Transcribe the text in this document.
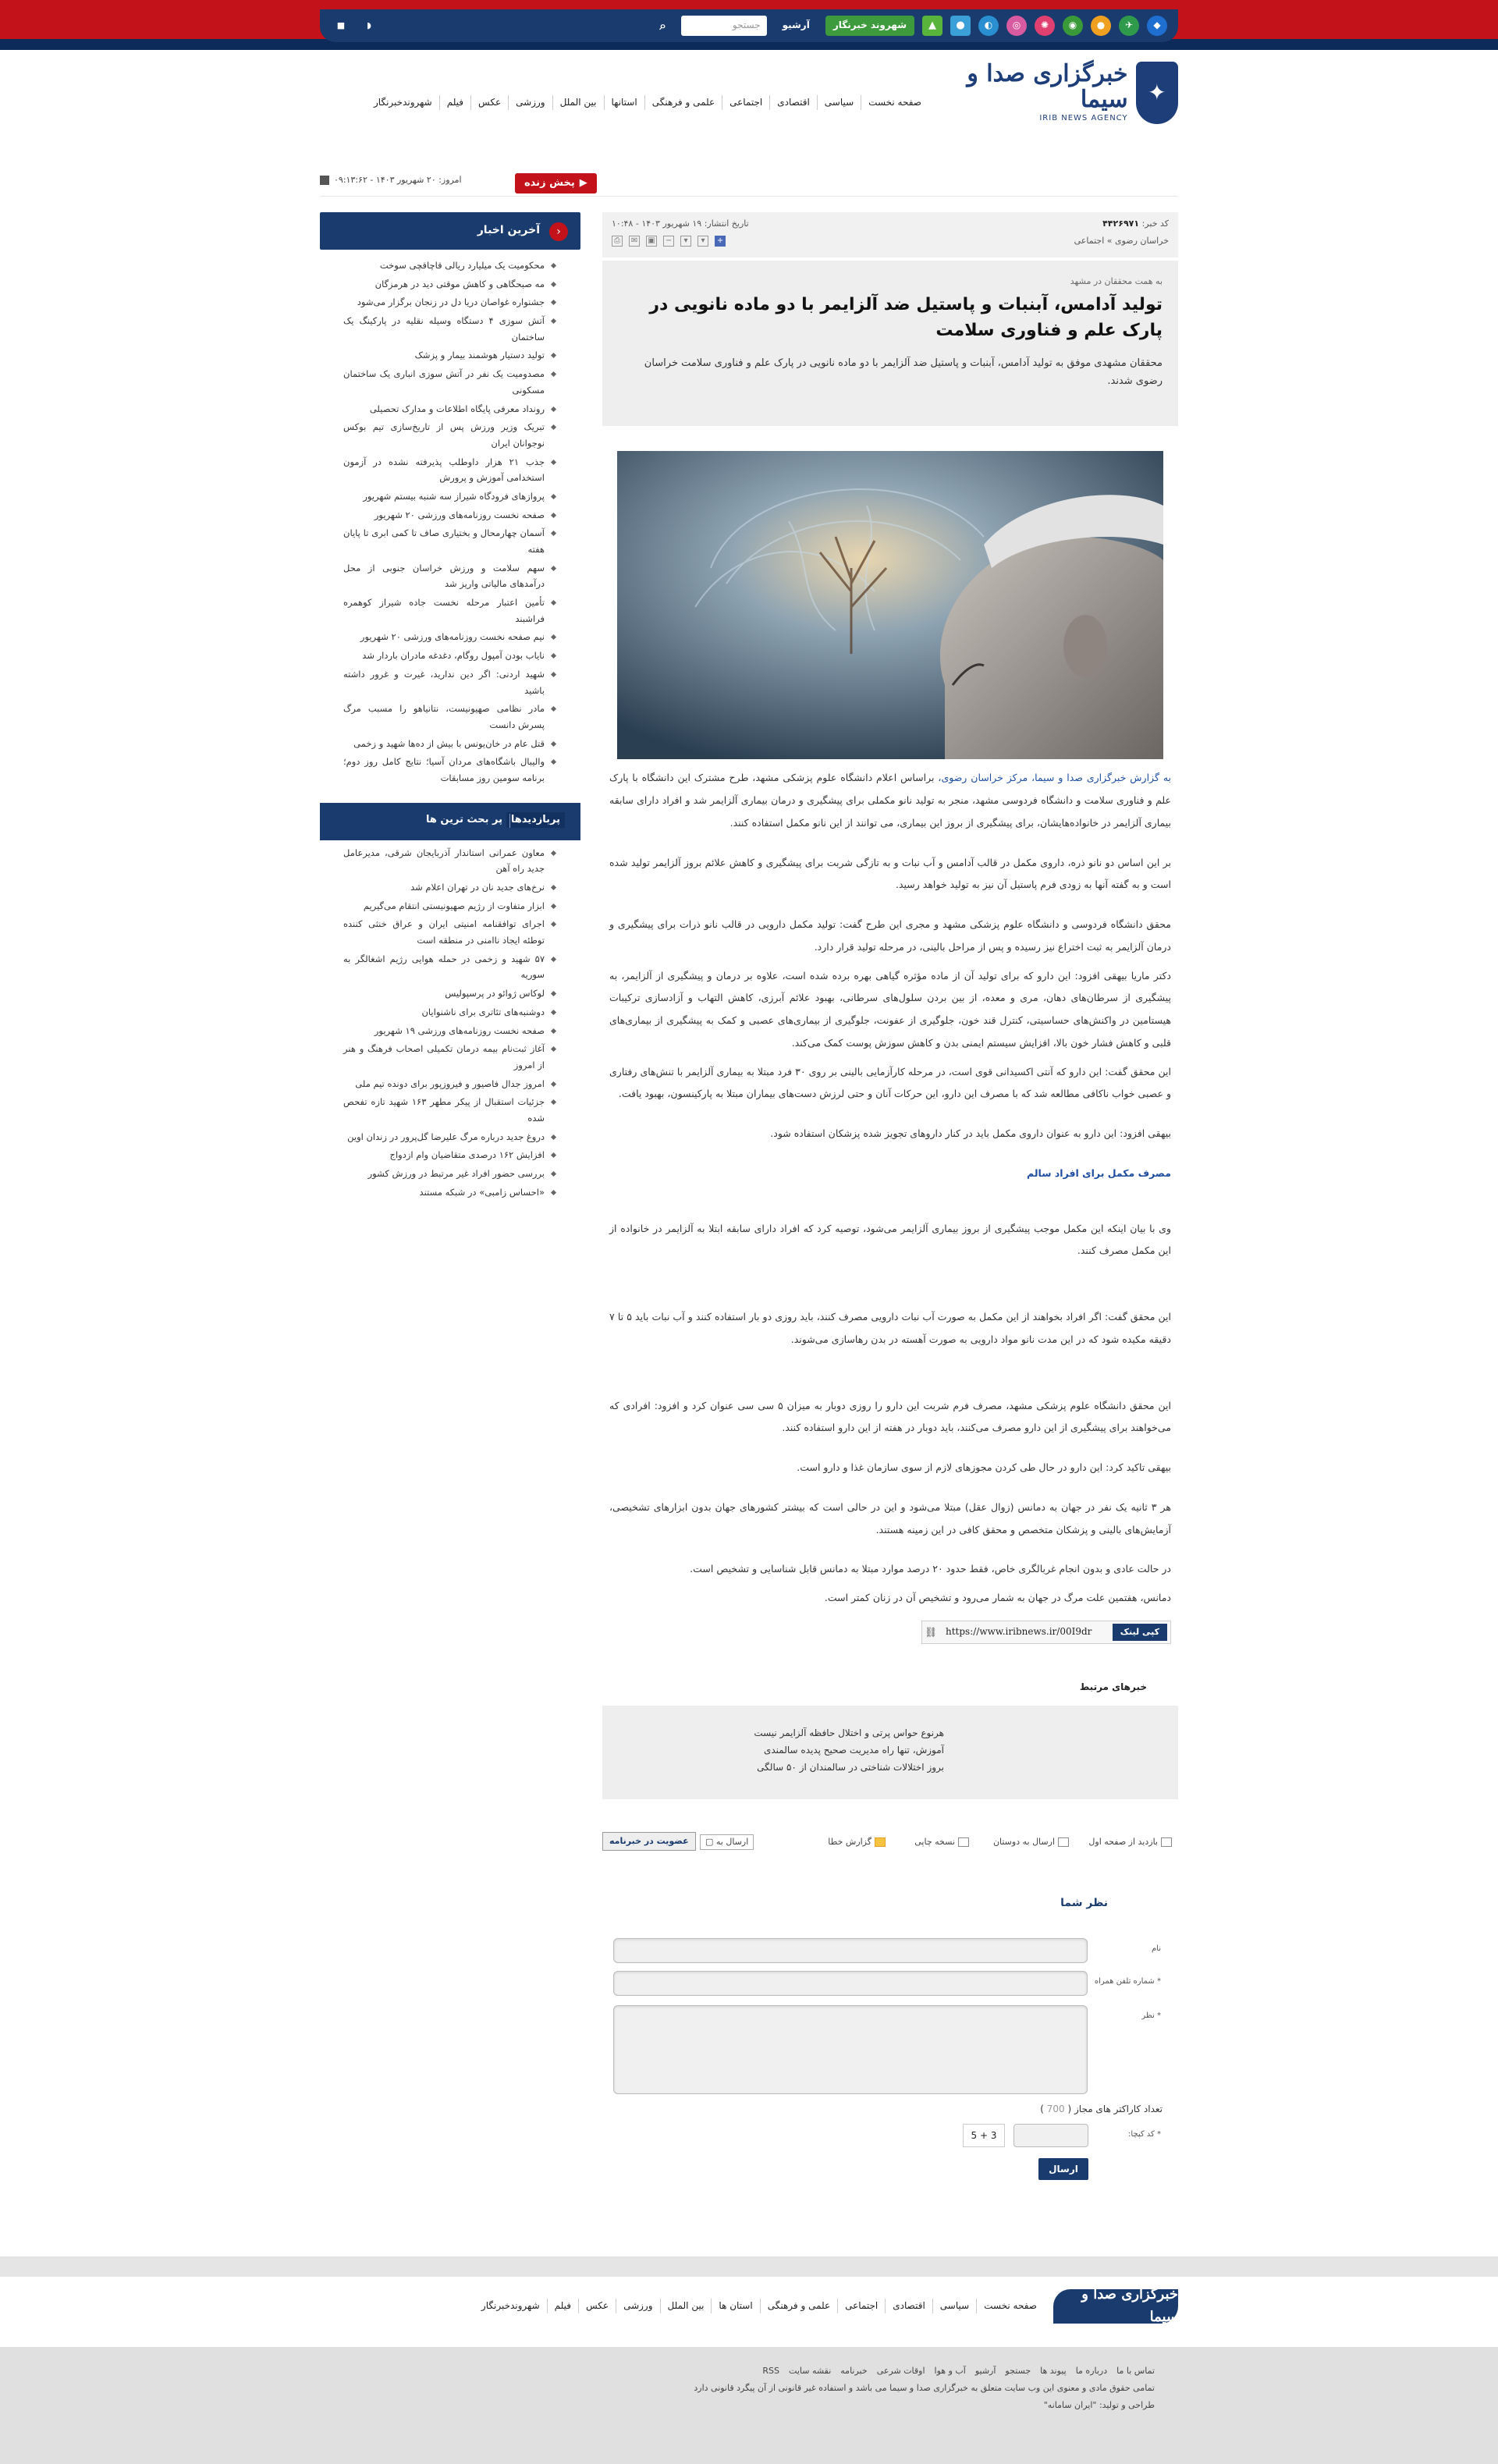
◆
✈
●
◉
✺
◎
◐
●
▲
شهروند خبرنگار
آرشیو
جستجو
⌕
◗
■
✦
خبرگزاری صدا و سیما
IRIB NEWS AGENCY
صفحه نخست
سیاسی
اقتصادی
اجتماعی
علمی و فرهنگی
استانها
بین الملل
ورزشی
عکس
فیلم
شهروندخبرنگار
▶
پخش زنده
امروز: ۲۰ شهریور ۱۴۰۳ - ۰۹:۱۳:۶۲
کد خبر: ۴۴۲۶۹۷۱
خراسان رضوی » اجتماعی
تاریخ انتشار: ۱۹ شهریور ۱۴۰۳ - ۱۰:۴۸
+
▾
▾
−
▣
✉
⎙
به همت محققان در مشهد
تولید آدامس، آبنبات و پاستیل ضد آلزایمر با دو ماده نانویی در پارک علم و فناوری سلامت
محققان مشهدی موفق به تولید آدامس، آبنبات و پاستیل ضد آلزایمر با دو ماده نانویی در پارک علم و فناوری سلامت خراسان رضوی شدند.

به گزارش خبرگزاری صدا و سیما، مرکز خراسان رضوی، براساس اعلام دانشگاه علوم پزشکی مشهد، طرح مشترک این دانشگاه با پارک علم و فناوری سلامت و دانشگاه فردوسی مشهد، منجر به تولید نانو مکملی برای پیشگیری و درمان بیماری آلزایمر شد و افراد دارای سابقه بیماری آلزایمر در خانواده‌هایشان، برای پیشگیری از بروز این بیماری، می توانند از این نانو مکمل استفاده کنند.

بر این اساس دو نانو ذره، داروی مکمل در قالب آدامس و آب نبات و به تازگی شربت برای پیشگیری و کاهش علائم بروز آلزایمر تولید شده است و به گفته آنها به زودی فرم پاستیل آن نیز به تولید خواهد رسید.

محقق دانشگاه فردوسی و دانشگاه علوم پزشکی مشهد و مجری این طرح گفت: تولید مکمل دارویی در قالب نانو ذرات برای پیشگیری و درمان آلزایمر به ثبت اختراع نیز رسیده و پس از مراحل بالینی، در مرحله تولید قرار دارد.

دکتر ماریا بیهقی افزود: این دارو که برای تولید آن از ماده مؤثره گیاهی بهره برده شده است، علاوه بر درمان و پیشگیری از آلزایمر، به پیشگیری از سرطان‌های دهان، مری و معده، از بین بردن سلول‌های سرطانی، بهبود علائم آبرزی، کاهش التهاب و آزادسازی ترکیبات هیستامین در واکنش‌های حساسیتی، کنترل قند خون، جلوگیری از عفونت، جلوگیری از بیماری‌های عصبی و کمک به پیشگیری از بیماری‌های قلبی و کاهش فشار خون بالا، افزایش سیستم ایمنی بدن و کاهش سوزش پوست کمک می‌کند.

این محقق گفت: این دارو که آنتی اکسیدانی قوی است، در مرحله کارآزمایی بالینی بر روی ۳۰ فرد مبتلا به بیماری آلزایمر با تنش‌های رفتاری و عصبی خواب ناکافی مطالعه شد که با مصرف این دارو، این حرکات آنان و حتی لرزش دست‌های بیماران مبتلا به پارکینسون، بهبود یافت.

بیهقی افزود: این دارو به عنوان داروی مکمل باید در کنار داروهای تجویز شده پزشکان استفاده شود.

مصرف مکمل برای افراد سالم

وی با بیان اینکه این مکمل موجب پیشگیری از بروز بیماری آلزایمر می‌شود، توصیه کرد که افراد دارای سابقه ابتلا به آلزایمر در خانواده از این مکمل مصرف کنند.

این محقق گفت: اگر افراد بخواهند از این مکمل به صورت آب نبات دارویی مصرف کنند، باید روزی دو بار استفاده کنند و آب نبات باید ۵ تا ۷ دقیقه مکیده شود که در این مدت نانو مواد دارویی به صورت آهسته در بدن رهاسازی می‌شوند.

این محقق دانشگاه علوم پزشکی مشهد، مصرف فرم شربت این دارو را روزی دوبار به میزان ۵ سی سی عنوان کرد و افزود: افرادی که می‌خواهند برای پیشگیری از این دارو مصرف می‌کنند، باید دوبار در هفته از این دارو استفاده کنند.

بیهقی تاکید کرد: این دارو در حال طی کردن مجوزهای لازم از سوی سازمان غذا و دارو است.

هر ۳ ثانیه یک نفر در جهان به دمانس (زوال عقل) مبتلا می‌شود و این در حالی است که بیشتر کشورهای جهان بدون ابزارهای تشخیصی، آزمایش‌های بالینی و پزشکان متخصص و محقق کافی در این زمینه هستند.

در حالت عادی و بدون انجام غربالگری خاص، فقط حدود ۲۰ درصد موارد مبتلا به دمانس قابل شناسایی و تشخیص است.

دمانس، هفتمین علت مرگ در جهان به شمار می‌رود و تشخیص آن در زنان کمتر است.

کپی لینک
https://www.iribnews.ir/00I9dr
⛓
خبرهای مرتبط
هرنوع حواس پرتی و اختلال حافظه آلزایمر نیست
آموزش، تنها راه مدیریت صحیح پدیده سالمندی
بروز اختلالات شناختی در سالمندان از ۵۰ سالگی
بازدید از صفحه اول
ارسال به دوستان
نسخه چاپی
گزارش خطا
ارسال به ▢
عضویت در خبرنامه
نظر شما
نام
* شماره تلفن همراه
* نظر
تعداد کاراکتر های مجاز ( 700 )
* کد کپچا:
5 + 3
ارسال
‹
آخرین اخبار
محکومیت یک میلیارد ریالی قاچاقچی سوخت
مه صبحگاهی و کاهش موقتی دید در هرمزگان
جشنواره غواصان دریا دل در زنجان برگزار می‌شود
آتش سوزی ۴ دستگاه وسیله نقلیه در پارکینگ یک ساختمان
تولید دستیار هوشمند بیمار و پزشک
مصدومیت یک نفر در آتش سوزی انباری یک ساختمان مسکونی
رونداد معرفی پایگاه اطلاعات و مدارک تحصیلی
تبریک وزیر ورزش پس از تاریخ‌سازی تیم بوکس نوجوانان ایران
جذب ۲۱ هزار داوطلب پذیرفته نشده در آزمون استخدامی آموزش و پرورش
پروازهای فرودگاه شیراز سه شنبه بیستم شهریور
صفحه نخست روزنامه‌های ورزشی ۲۰ شهریور
آسمان چهارمحال و بختیاری صاف تا کمی ابری تا پایان هفته
سهم سلامت و ورزش خراسان جنوبی از محل درآمدهای مالیاتی واریز شد
تأمین اعتبار مرحله نخست جاده شیراز کوهمره فراشبند
نیم صفحه نخست روزنامه‌های ورزشی ۲۰ شهریور
نایاب بودن آمپول روگام، دغدغه مادران باردار شد
شهید اردنی: اگر دین ندارید، غیرت و غرور داشته باشید
مادر نظامی صهیونیست، نتانیاهو را مسبب مرگ پسرش دانست
قتل عام در خان‌یونس با بیش از ده‌ها شهید و زخمی
والیبال باشگاه‌های مردان آسیا؛ نتایج کامل روز دوم؛ برنامه سومین روز مسابقات
پربازدیدها
پر بحث ترین ها
معاون عمرانی استاندار آذربایجان شرقی، مدیرعامل جدید راه آهن
نرخ‌های جدید نان در تهران اعلام شد
ابزار متفاوت از رژیم صهیونیستی انتقام می‌گیریم
اجرای توافقنامه امنیتی ایران و عراق خنثی کننده توطئه ایجاد ناامنی در منطقه است
۵۷ شهید و زخمی در حمله هوایی رژیم اشغالگر به سوریه
لوکاس ژوائو در پرسپولیس
دوشنبه‌های تئاتری برای ناشنوایان
صفحه نخست روزنامه‌های ورزشی ۱۹ شهریور
آغاز ثبت‌نام بیمه درمان تکمیلی اصحاب فرهنگ و هنر از امروز
امروز جدال فاصیور و فیروزپور برای دونده تیم ملی
جزئیات استقبال از پیکر مطهر ۱۶۳ شهید تازه تفحص شده
دروغ جدید درباره مرگ علیرضا گل‌پرور در زندان اوین
افزایش ۱۶۲ درصدی متقاضیان وام ازدواج
بررسی حضور افراد غیر مرتبط در ورزش کشور
«احساس زامبی» در شبکه مستند
خبرگزاری صدا و سیما
صفحه نخست
سیاسی
اقتصادی
اجتماعی
علمی و فرهنگی
استان ها
بین الملل
ورزشی
عکس
فیلم
شهروندخبرنگار
تماس با ما
درباره ما
پیوند ها
جستجو
آرشیو
آب و هوا
اوقات شرعی
خبرنامه
نقشه سایت
RSS
تمامی حقوق مادی و معنوی این وب سایت متعلق به خبرگزاری صدا و سیما می باشد و استفاده غیر قانونی از آن پیگرد قانونی دارد
طراحی و تولید: "ایران سامانه"
